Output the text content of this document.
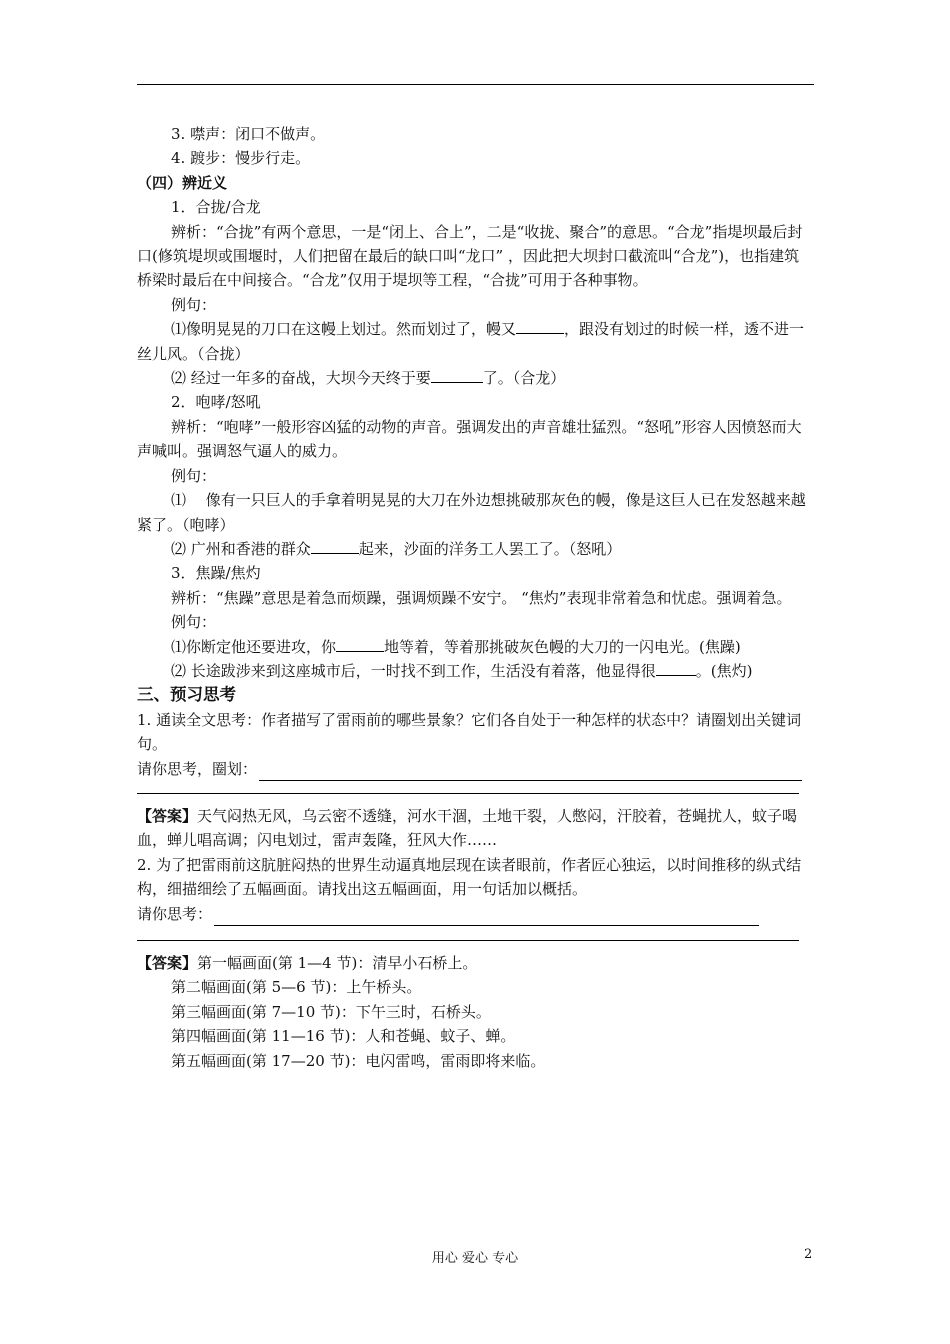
3. 噤声：闭口不做声。

4. 踱步：慢步行走。

（四）辨近义

1．合拢/合龙

辨析：“合拢”有两个意思，一是“闭上、合上”，二是“收拢、聚合”的意思。“合龙”指堤坝最后封口(修筑堤坝或围堰时，人们把留在最后的缺口叫“龙口” ，因此把大坝封口截流叫“合龙”)，也指建筑桥梁时最后在中间接合。“合龙”仅用于堤坝等工程，“合拢”可用于各种事物。

例句：

⑴像明晃晃的刀口在这幔上划过。然而划过了，幔又	，跟没有划过的时候一样，透不进一丝儿风。（合拢）

⑵ 经过一年多的奋战，大坝今天终于要	了。（合龙）

2．咆哮/怒吼

辨析：“咆哮”一般形容凶猛的动物的声音。强调发出的声音雄壮猛烈。“怒吼”形容人因愤怒而大声喊叫。强调怒气逼人的威力。

例句：

⑴ 　像有一只巨人的手拿着明晃晃的大刀在外边想挑破那灰色的幔，像是这巨人已在发怒越来越紧了。（咆哮）

⑵ 广州和香港的群众	起来，沙面的洋务工人罢工了。（怒吼）

3．焦躁/焦灼

辨析：“焦躁”意思是着急而烦躁，强调烦躁不安宁。 “焦灼”表现非常着急和忧虑。强调着急。

例句：

⑴你断定他还要进攻，你	地等着，等着那挑破灰色幔的大刀的一闪电光。(焦躁)

⑵ 长途跋涉来到这座城市后，一时找不到工作，生活没有着落，他显得很	。(焦灼)

三、预习思考

1. 通读全文思考：作者描写了雷雨前的哪些景象？它们各自处于一种怎样的状态中？请圈划出关键词句。

请你思考，圈划：

【答案】天气闷热无风，乌云密不透缝，河水干涸，土地干裂，人憋闷，汗胶着，苍蝇扰人，蚊子喝血，蝉儿唱高调；闪电划过，雷声轰隆，狂风大作……

2. 为了把雷雨前这肮脏闷热的世界生动逼真地层现在读者眼前，作者匠心独运，以时间推移的纵式结构，细描细绘了五幅画面。请找出这五幅画面，用一句话加以概括。

请你思考：

【答案】第一幅画面(第 1—4 节)：清早小石桥上。

第二幅画面(第 5—6 节)：上午桥头。

第三幅画面(第 7—10 节)：下午三时，石桥头。

第四幅画面(第 11—16 节)：人和苍蝇、蚊子、蝉。

第五幅画面(第 17—20 节)：电闪雷鸣，雷雨即将来临。

用心 爱心 专心	2
